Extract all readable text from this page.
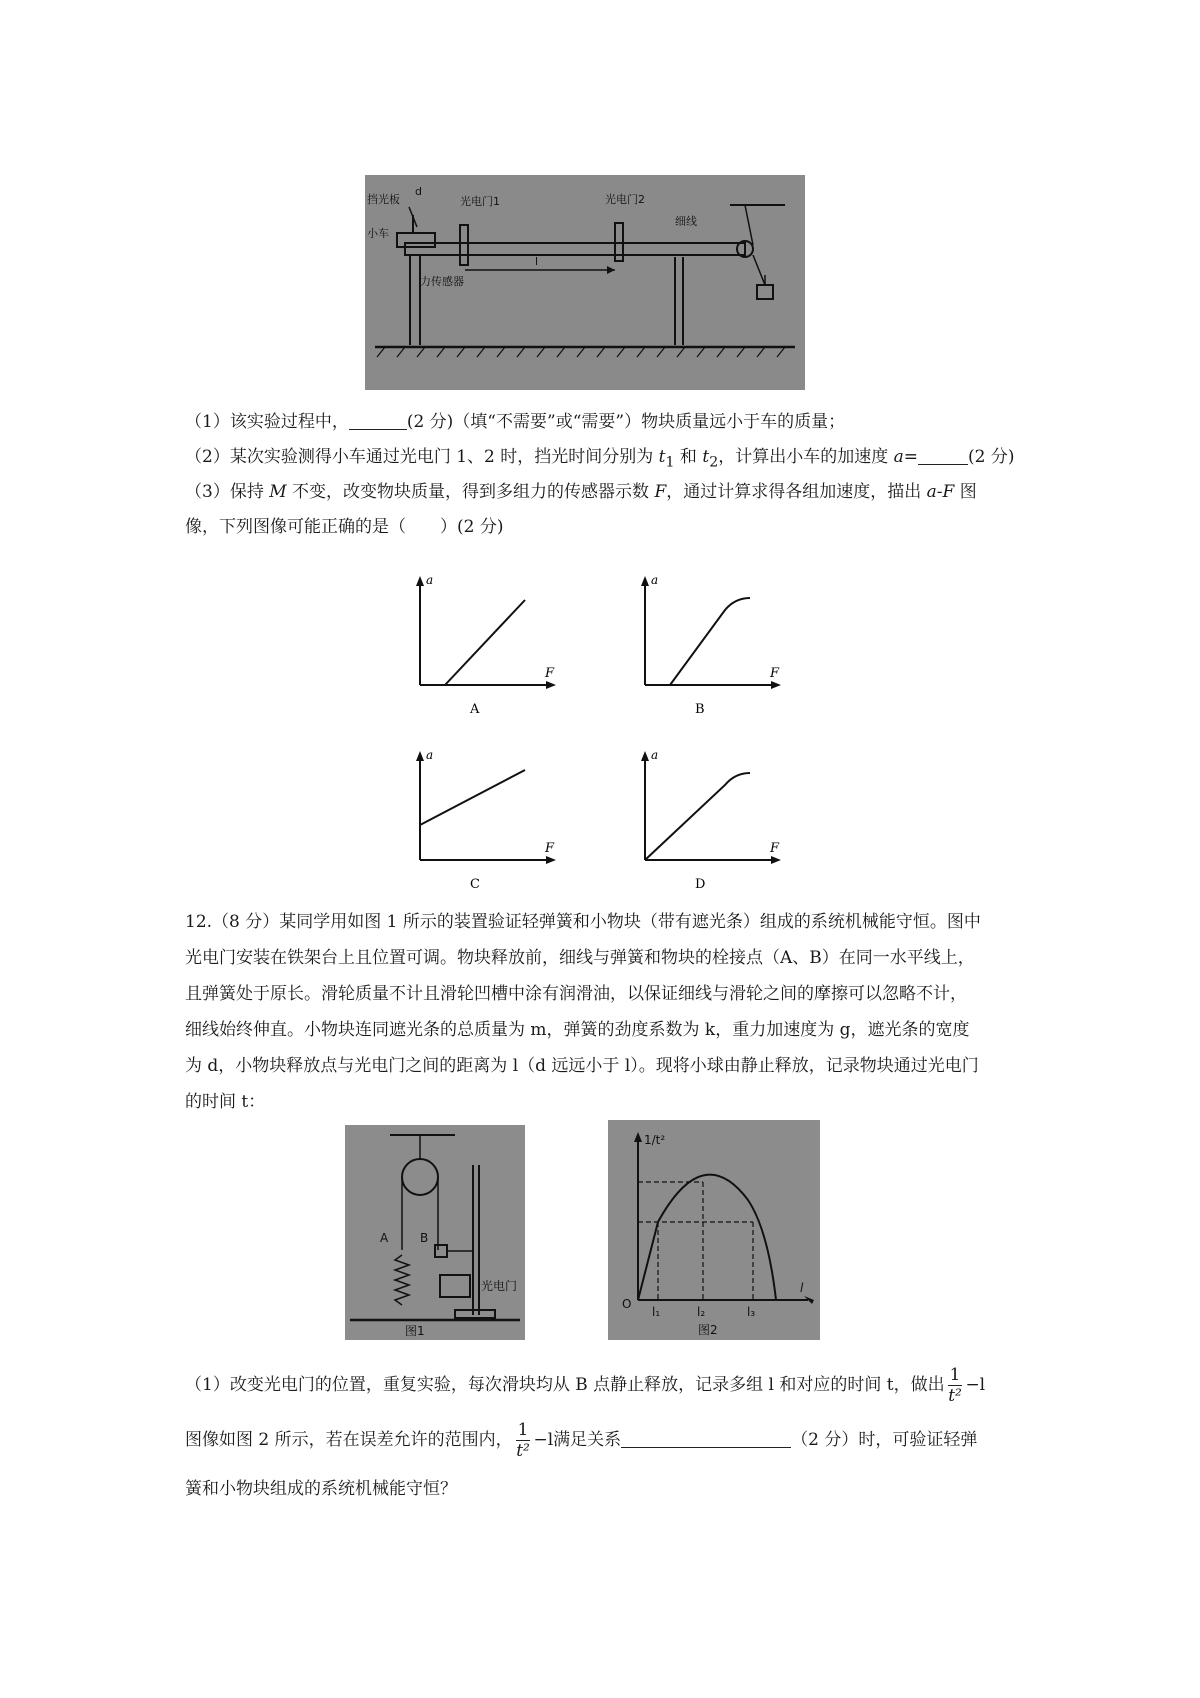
挡光板
d
小车
光电门1	光电门2
细线
力传感器
l
（1）该实验过程中，	(2 分)（填“不需要”或“需要”）物块质量远小于车的质量；
（2）某次实验测得小车通过光电门 1、2 时，挡光时间分别为 $t_1$ 和 $t_2$，计算出小车的加速度 a=	(2 分)
（3）保持 M 不变，改变物块质量，得到多组力的传感器示数 F，通过计算求得各组加速度，描出 a-F 图
像，下列图像可能正确的是（　　）(2 分)
a
F
A
a
F
B
a
F
C
a
F
D
12.（8 分）某同学用如图 1 所示的装置验证轻弹簧和小物块（带有遮光条）组成的系统机械能守恒。图中
光电门安装在铁架台上且位置可调。物块释放前，细线与弹簧和物块的栓接点（A、B）在同一水平线上，
且弹簧处于原长。滑轮质量不计且滑轮凹槽中涂有润滑油，以保证细线与滑轮之间的摩擦可以忽略不计，
细线始终伸直。小物块连同遮光条的总质量为 m，弹簧的劲度系数为 k，重力加速度为 g，遮光条的宽度
为 d，小物块释放点与光电门之间的距离为 l（d 远远小于 l）。现将小球由静止释放，记录物块通过光电门
的时间 t：
A	B
光电门
图1
1/t²
O
l₁	l₂	l₃
l
图2
（1）改变光电门的位置，重复实验，每次滑块均从 B 点静止释放，记录多组 l 和对应的时间 t，做出 $\frac{1}{\text{t²}} -l$
图像如图 2 所示，若在误差允许的范围内， $\frac{1}{\text{t²}} -l$满足关系	（2 分）时，可验证轻弹
簧和小物块组成的系统机械能守恒？
